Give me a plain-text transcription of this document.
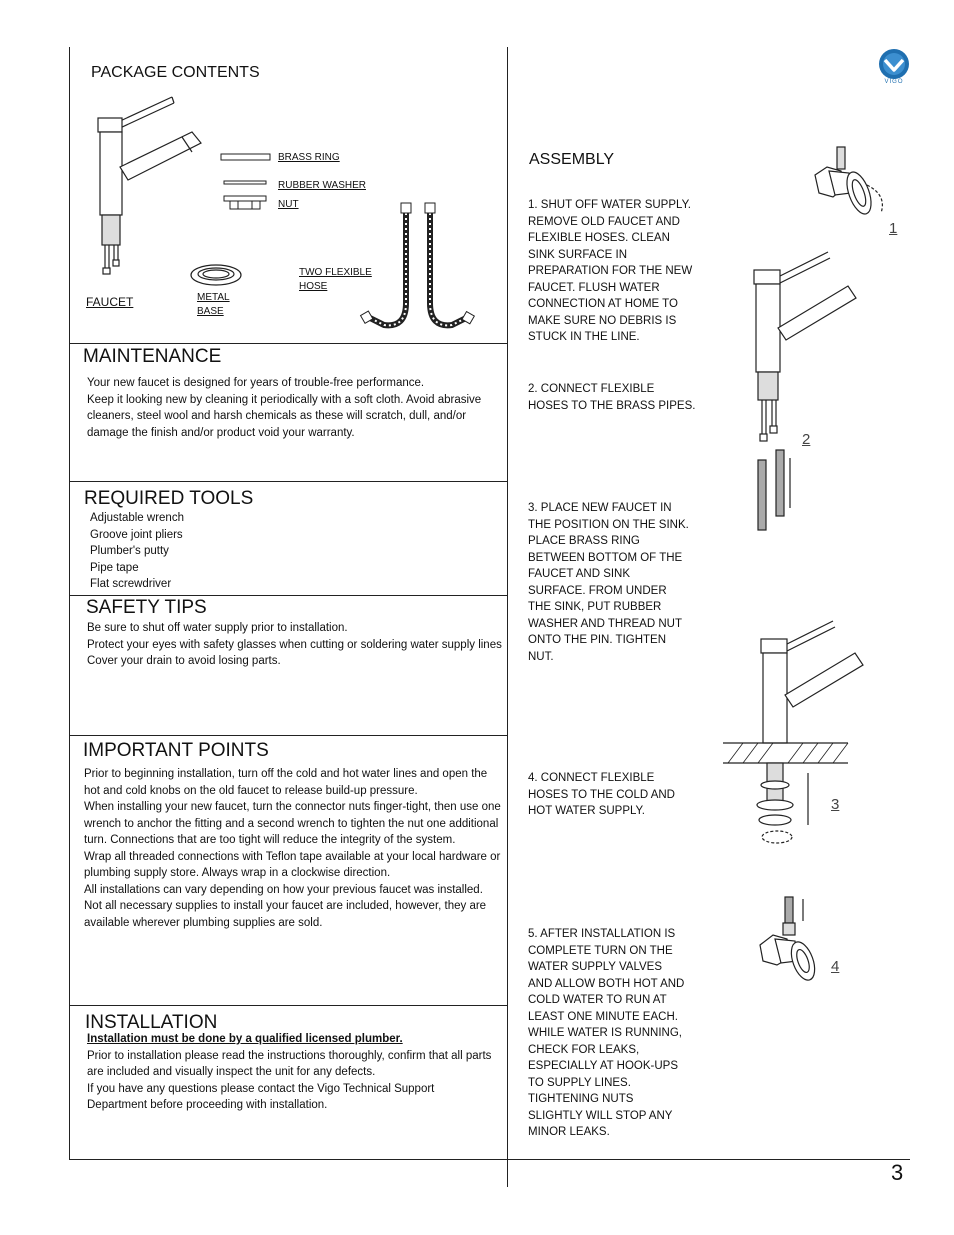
VIGO
PACKAGE CONTENTS
BRASS RING
RUBBER WASHER
NUT
FAUCET	METAL
BASE
TWO FLEXIBLE
HOSE
MAINTENANCE

Your new faucet is designed for years of trouble-free performance.

Keep it looking new by cleaning it periodically with a soft cloth. Avoid abrasive

cleaners, steel wool and harsh chemicals as these will scratch, dull, and/or

damage the finish and/or product void your warranty.

REQUIRED TOOLS

Adjustable wrench

Groove joint pliers

Plumber's putty

Pipe tape

Flat screwdriver

SAFETY TIPS

Be sure to shut off water supply prior to installation.

Protect your eyes with safety glasses when cutting or soldering water supply lines

Cover your drain to avoid losing parts.

IMPORTANT POINTS

Prior to beginning installation, turn off the cold and hot water lines and open the

hot and cold knobs on the old faucet to release build-up pressure.

When installing your new faucet, turn the connector nuts finger-tight, then use one

wrench to anchor the fitting and a second wrench to tighten the nut one additional

turn. Connections that are too tight will reduce the integrity of the system.

Wrap all threaded connections with Teflon tape available at your local hardware or

plumbing supply store. Always wrap in a clockwise direction.

All installations can vary depending on how your previous faucet was installed.

Not all necessary supplies to install your faucet are included, however, they are

available wherever plumbing supplies are sold.

INSTALLATION

Installation must be done by a qualified licensed plumber.

Prior to installation please read the instructions thoroughly, confirm that all parts

are included and visually inspect the unit for any defects.

If you have any questions please contact the Vigo Technical Support

Department before proceeding with installation.

ASSEMBLY

1. SHUT OFF WATER SUPPLY.

REMOVE OLD FAUCET AND

FLEXIBLE HOSES. CLEAN

SINK SURFACE IN

PREPARATION FOR THE NEW

FAUCET. FLUSH WATER

CONNECTION AT HOME TO

MAKE SURE NO DEBRIS IS

STUCK IN THE LINE.

2. CONNECT FLEXIBLE

HOSES TO THE BRASS PIPES.

3. PLACE NEW FAUCET IN

THE POSITION ON THE SINK.

PLACE BRASS RING

BETWEEN BOTTOM OF THE

FAUCET AND SINK

SURFACE. FROM UNDER

THE SINK, PUT RUBBER

WASHER AND THREAD NUT

ONTO THE PIN. TIGHTEN

NUT.

4. CONNECT FLEXIBLE

HOSES TO THE COLD AND

HOT WATER SUPPLY.

5. AFTER INSTALLATION IS

COMPLETE TURN ON THE

WATER SUPPLY VALVES

AND ALLOW BOTH HOT AND

COLD WATER TO RUN AT

LEAST ONE MINUTE EACH.

WHILE WATER IS RUNNING,

CHECK FOR LEAKS,

ESPECIALLY AT HOOK-UPS

TO SUPPLY LINES.

TIGHTENING NUTS

SLIGHTLY WILL STOP ANY

MINOR LEAKS.

1
2
3
4
3
